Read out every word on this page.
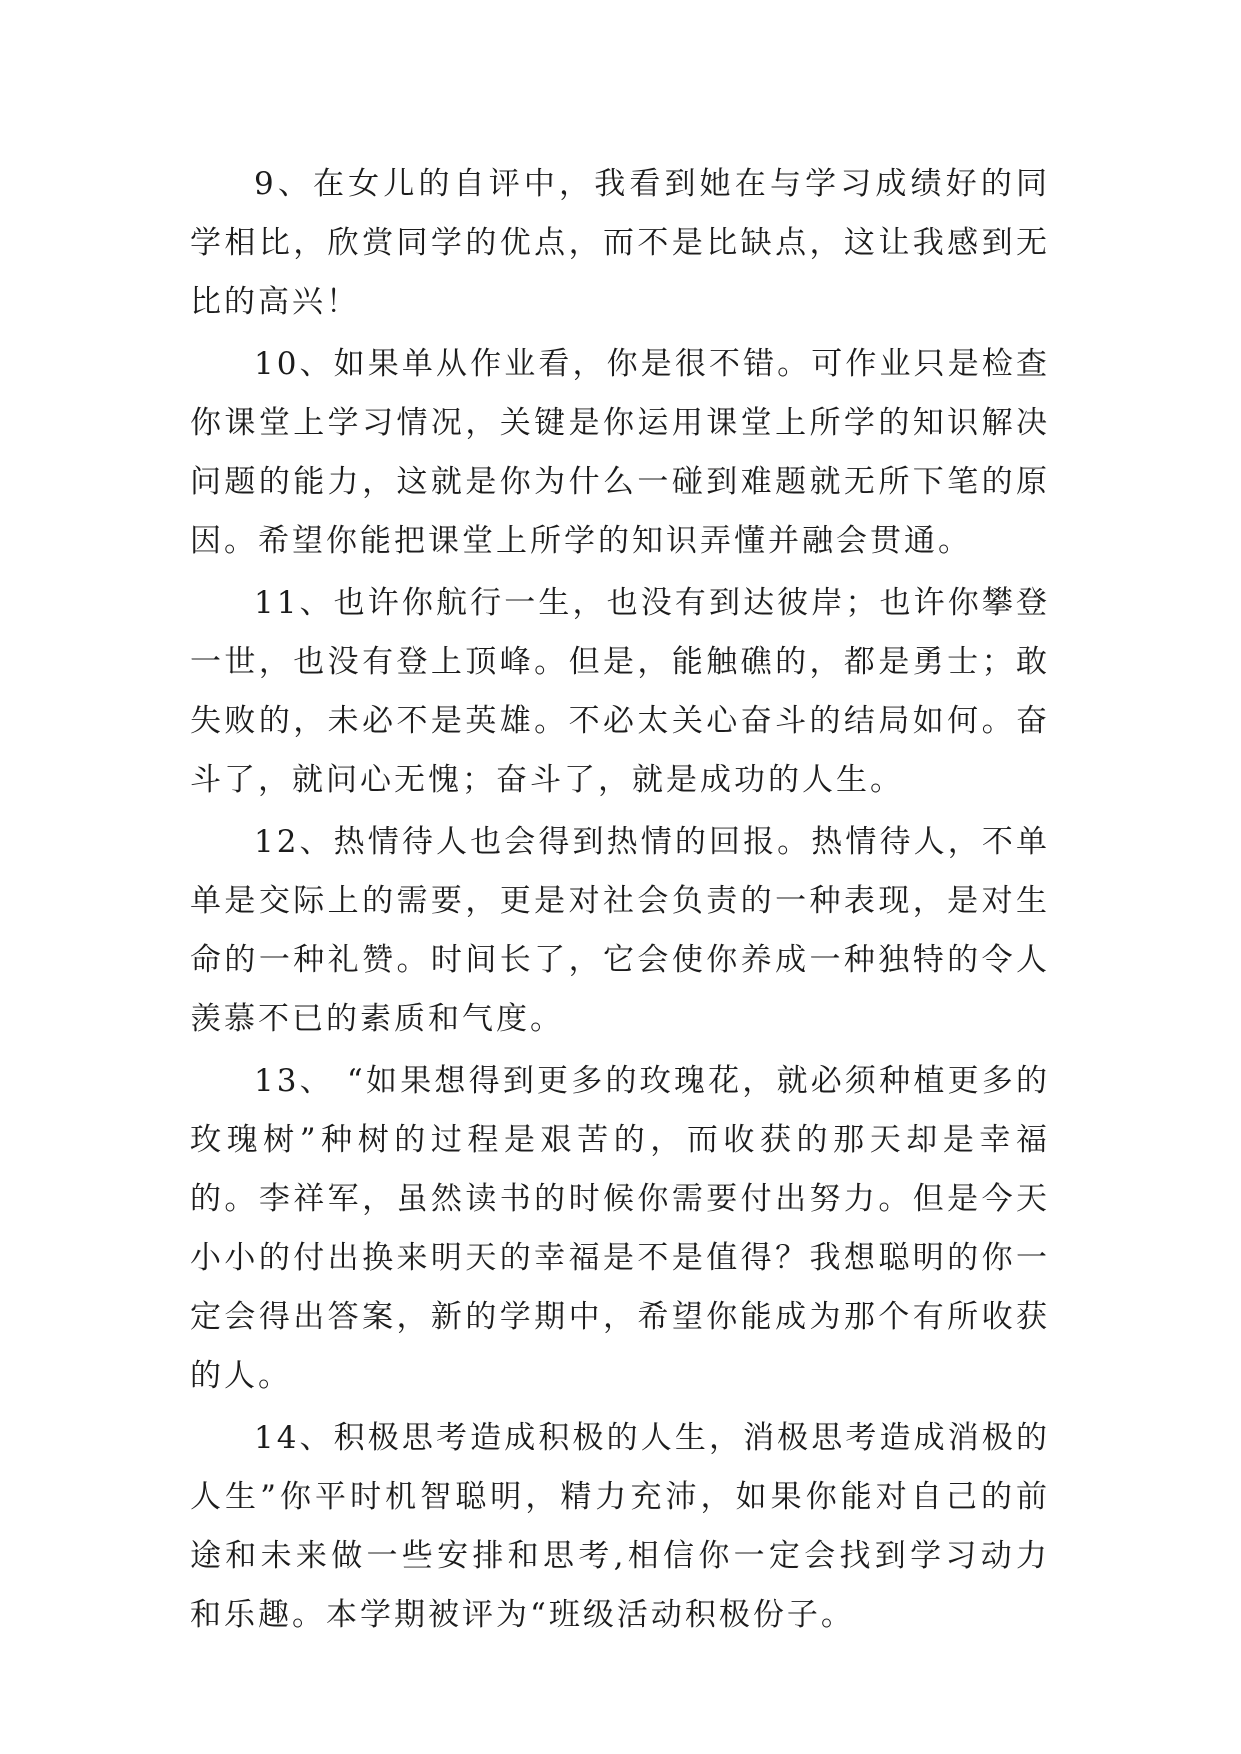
9、在女儿的自评中，我看到她在与学习成绩好的同学相比，欣赏同学的优点，而不是比缺点，这让我感到无比的高兴！

10、如果单从作业看，你是很不错。可作业只是检查你课堂上学习情况，关键是你运用课堂上所学的知识解决问题的能力，这就是你为什么一碰到难题就无所下笔的原因。希望你能把课堂上所学的知识弄懂并融会贯通。

11、也许你航行一生，也没有到达彼岸；也许你攀登一世，也没有登上顶峰。但是，能触礁的，都是勇士；敢失败的，未必不是英雄。不必太关心奋斗的结局如何。奋斗了，就问心无愧；奋斗了，就是成功的人生。

12、热情待人也会得到热情的回报。热情待人，不单单是交际上的需要，更是对社会负责的一种表现，是对生命的一种礼赞。时间长了，它会使你养成一种独特的令人羡慕不已的素质和气度。

13、 “如果想得到更多的玫瑰花，就必须种植更多的玫瑰树”种树的过程是艰苦的，而收获的那天却是幸福的。李祥军，虽然读书的时候你需要付出努力。但是今天小小的付出换来明天的幸福是不是值得？我想聪明的你一定会得出答案，新的学期中，希望你能成为那个有所收获的人。

14、积极思考造成积极的人生，消极思考造成消极的人生”你平时机智聪明，精力充沛，如果你能对自己的前途和未来做一些安排和思考,相信你一定会找到学习动力和乐趣。本学期被评为“班级活动积极份子。
